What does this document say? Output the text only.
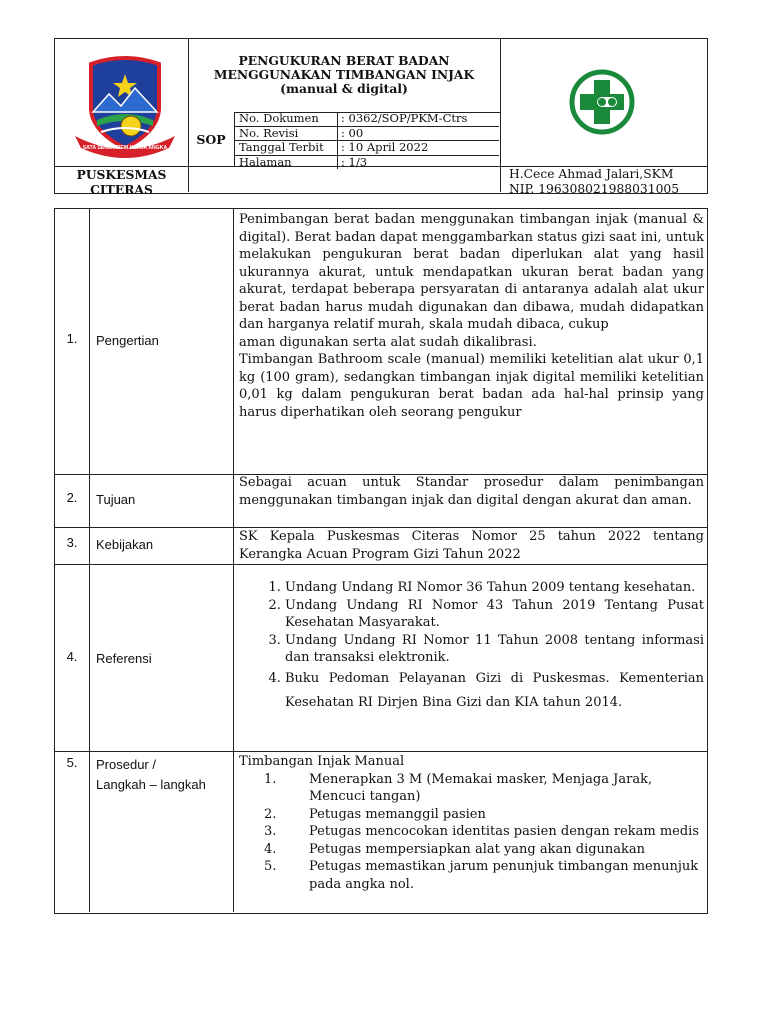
SATA SENGTRIEM KERJA ANGKA
PENGUKURAN BERAT BADAN
MENGGUNAKAN TIMBANGAN INJAK
(manual & digital)
SOP
No. Dokumen	: 0362/SOP/PKM-Ctrs
No. Revisi	: 00
Tanggal Terbit	: 10 April 2022
Halaman	: 1/3
PUSKESMAS
CITERAS
H.Cece Ahmad Jalari,SKM
NIP. 196308021988031005
1.	Pengertian

Penimbangan berat badan menggunakan timbangan injak (manual & digital). Berat badan dapat menggambarkan status gizi saat ini, untuk melakukan pengukuran berat badan diperlukan alat yang hasil ukurannya akurat, untuk mendapatkan ukuran berat badan yang akurat, terdapat beberapa persyaratan di antaranya adalah alat ukur berat badan harus mudah digunakan dan dibawa, mudah didapatkan dan harganya relatif murah, skala mudah dibaca, cukup

aman digunakan serta alat sudah dikalibrasi.

Timbangan Bathroom scale (manual) memiliki ketelitian alat ukur 0,1 kg (100 gram), sedangkan timbangan injak digital memiliki ketelitian 0,01 kg dalam pengukuran berat badan ada hal-hal prinsip yang harus diperhatikan oleh seorang pengukur

2.	Tujuan
Sebagai acuan untuk Standar prosedur dalam penimbangan menggunakan timbangan injak dan digital dengan akurat dan aman.
3.	Kebijakan
SK Kepala Puskesmas Citeras Nomor 25 tahun 2022 tentang Kerangka Acuan Program Gizi Tahun 2022
4.	Referensi
1. Undang Undang RI Nomor 36 Tahun 2009 tentang kesehatan.
2. Undang Undang RI Nomor 43 Tahun 2019 Tentang Pusat Kesehatan Masyarakat.
3. Undang Undang RI Nomor 11 Tahun 2008 tentang informasi dan transaksi elektronik.
4. Buku Pedoman Pelayanan Gizi di Puskesmas. Kementerian Kesehatan RI Dirjen Bina Gizi dan KIA tahun 2014.
5.	Prosedur /
Langkah – langkah
Timbangan Injak Manual
1.	Menerapkan 3 M (Memakai masker, Menjaga Jarak, Mencuci tangan)
2.	Petugas memanggil pasien
3.	Petugas mencocokan identitas pasien dengan rekam medis
4.	Petugas mempersiapkan alat yang akan digunakan
5.	Petugas memastikan jarum penunjuk timbangan menunjuk pada angka nol.
